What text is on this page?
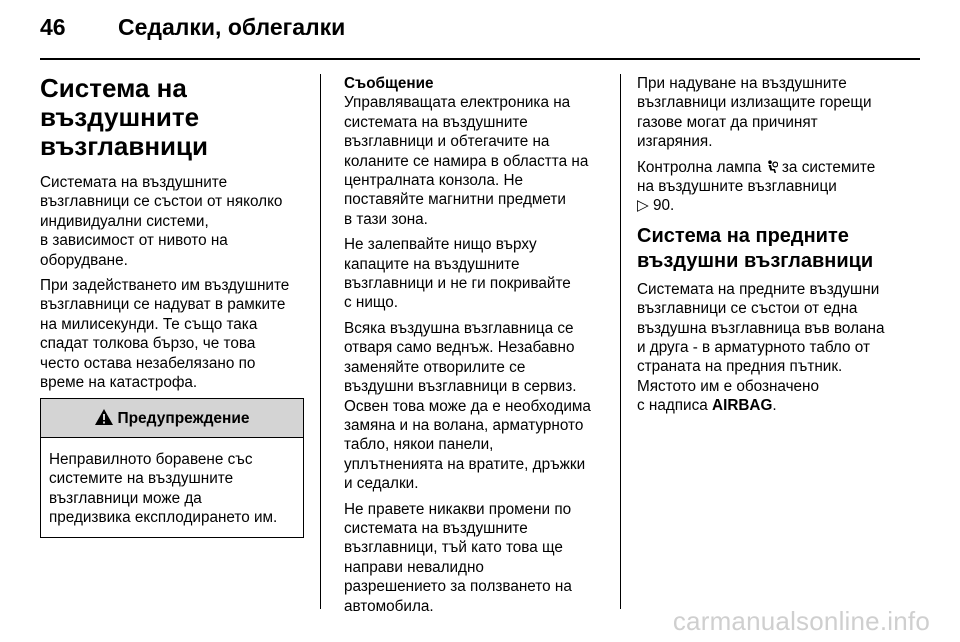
46 Седалки, облегалки
Система на въздушните
възглавници

Системата на въздушните
възглавници се състои от няколко
индивидуални системи,
в зависимост от нивото на
оборудване.

При задействането им въздушните
възглавници се надуват в рамките
на милисекунди. Те също така
спадат толкова бързо, че това
често остава незабелязано по
време на катастрофа.

Предупреждение
Неправилното боравене със
системите на въздушните
възглавници може да
предизвика експлодирането им.

Съобщение

Управляващата електроника на
системата на въздушните
възглавници и обтегачите на
коланите се намира в областта на
централната конзола. Не
поставяйте магнитни предмети
в тази зона.

Не залепвайте нищо върху
капаците на въздушните
възглавници и не ги покривайте
с нищо.

Всяка въздушна възглавница се
отваря само веднъж. Незабавно
заменяйте отворилите се
въздушни възглавници в сервиз.
Освен това може да е необходима
замяна и на волана, арматурното
табло, някои панели,
уплътненията на вратите, дръжки
и седалки.

Не правете никакви промени по
системата на въздушните
възглавници, тъй като това ще
направи невалидно
разрешението за ползването на
автомобила.

При надуване на въздушните
възглавници излизащите горещи
газове могат да причинят
изгаряния.

Контролна лампа  за системите
на въздушните възглавници
▷ 90.

Система на предните
въздушни възглавници

Системата на предните въздушни
възглавници се състои от една
въздушна възглавница във волана
и друга - в арматурното табло от
страната на предния пътник.

Мястото им е обозначено
с надписа AIRBAG.

carmanualsonline.info
